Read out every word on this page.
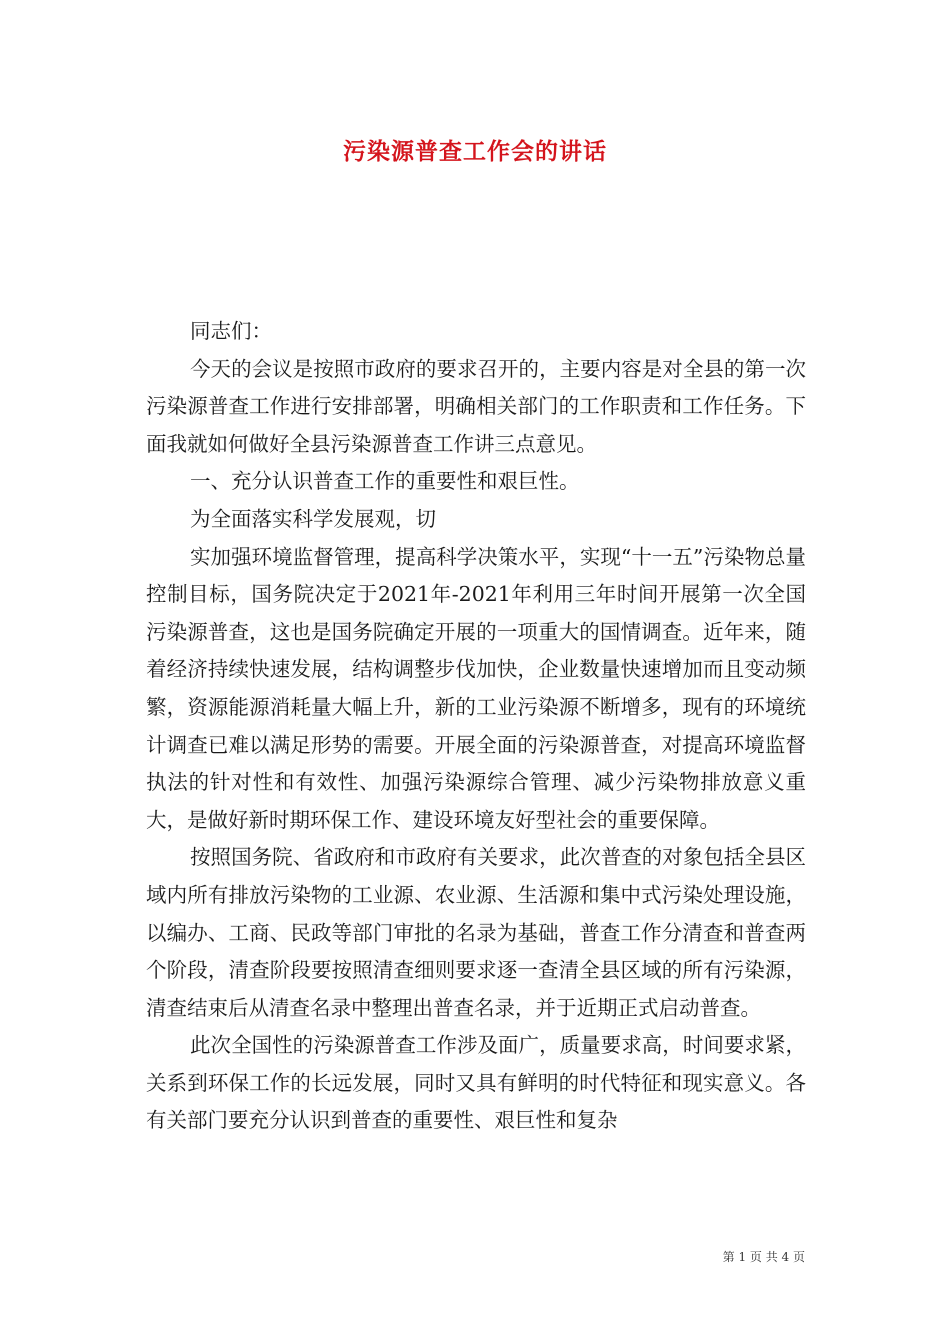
污染源普查工作会的讲话

同志们：

今天的会议是按照市政府的要求召开的，主要内容是对全县的第一次污染源普查工作进行安排部署，明确相关部门的工作职责和工作任务。下面我就如何做好全县污染源普查工作讲三点意见。

一、充分认识普查工作的重要性和艰巨性。

为全面落实科学发展观，切

实加强环境监督管理，提高科学决策水平，实现“十一五”污染物总量控制目标，国务院决定于2021年-2021年利用三年时间开展第一次全国污染源普查，这也是国务院确定开展的一项重大的国情调查。近年来，随着经济持续快速发展，结构调整步伐加快，企业数量快速增加而且变动频繁，资源能源消耗量大幅上升，新的工业污染源不断增多，现有的环境统计调查已难以满足形势的需要。开展全面的污染源普查，对提高环境监督执法的针对性和有效性、加强污染源综合管理、减少污染物排放意义重大，是做好新时期环保工作、建设环境友好型社会的重要保障。

按照国务院、省政府和市政府有关要求，此次普查的对象包括全县区域内所有排放污染物的工业源、农业源、生活源和集中式污染处理设施，以编办、工商、民政等部门审批的名录为基础，普查工作分清查和普查两个阶段，清查阶段要按照清查细则要求逐一查清全县区域的所有污染源，清查结束后从清查名录中整理出普查名录，并于近期正式启动普查。

此次全国性的污染源普查工作涉及面广，质量要求高，时间要求紧，关系到环保工作的长远发展，同时又具有鲜明的时代特征和现实意义。各有关部门要充分认识到普查的重要性、艰巨性和复杂

第 1 页 共 4 页
